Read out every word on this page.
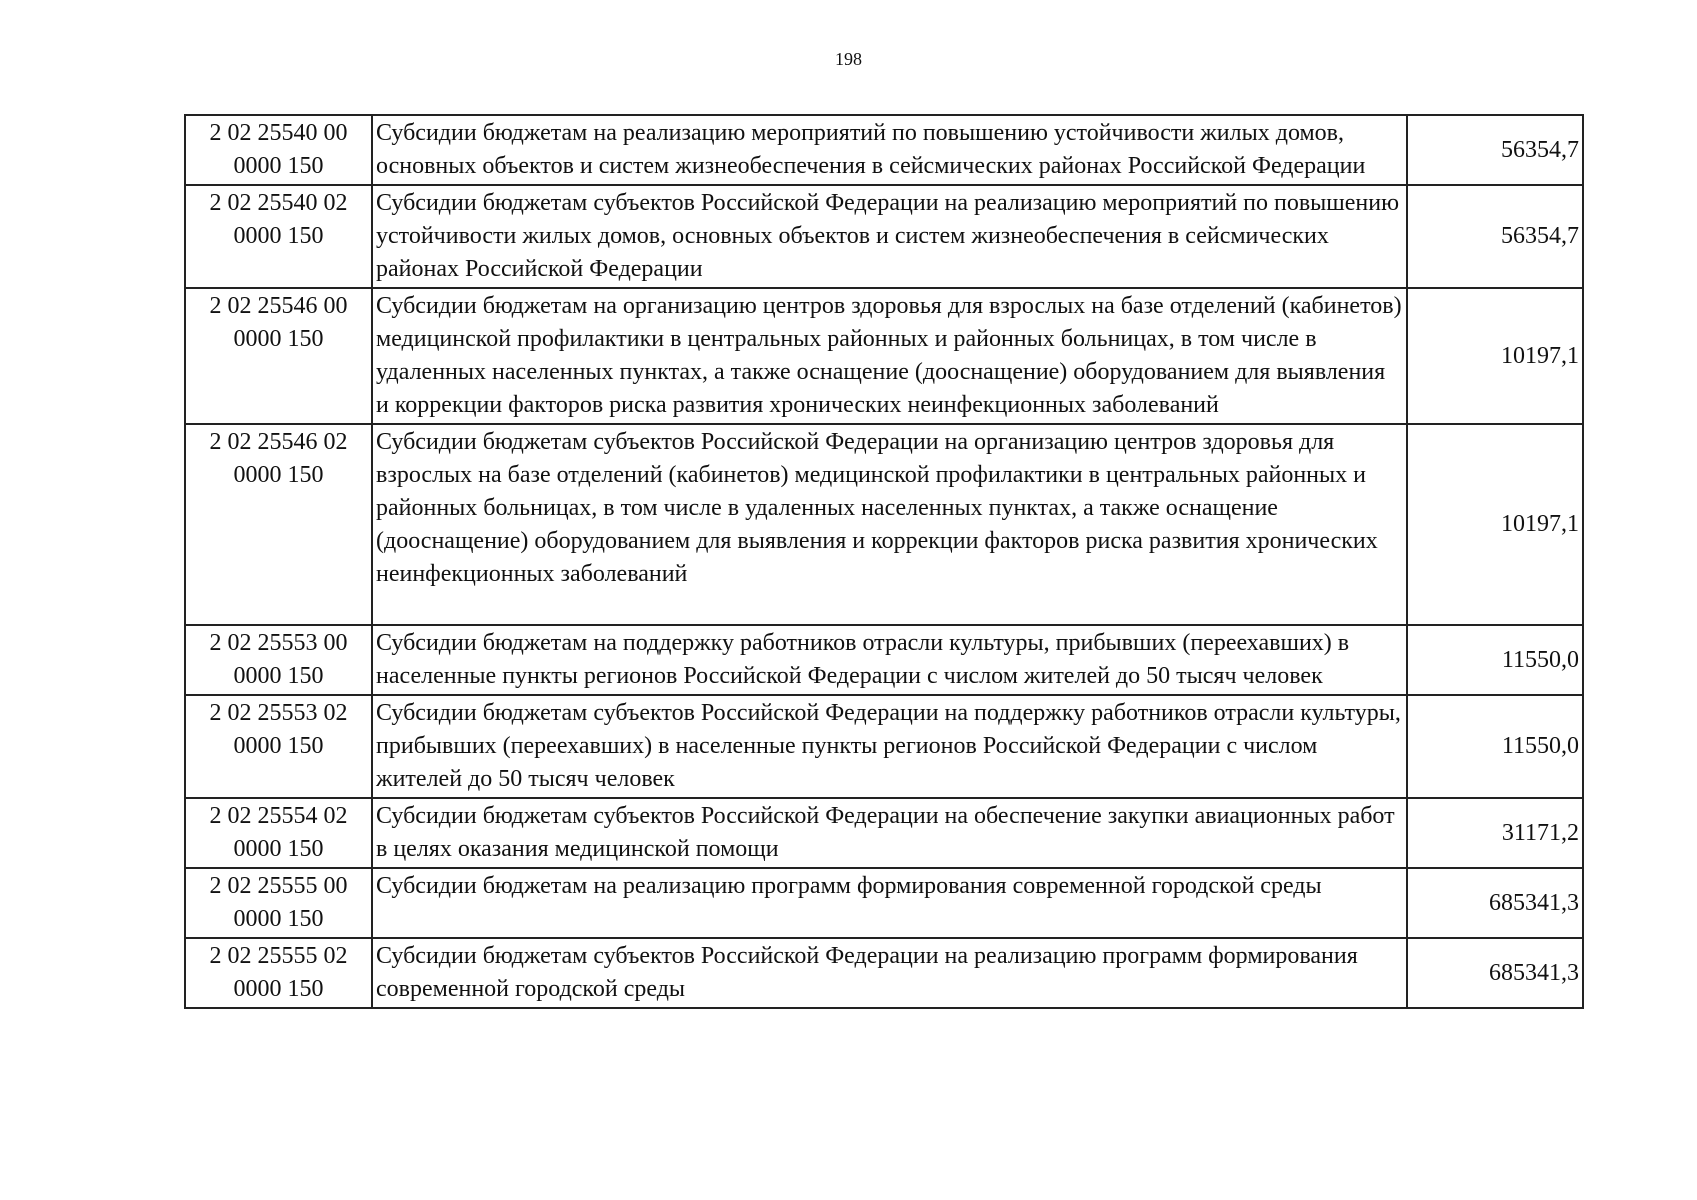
198
2 02 25540 00
0000 150	Субсидии бюджетам на реализацию мероприятий по повышению устойчивости жилых домов, основных объектов и систем жизнеобеспечения в сейсмических районах Российской Федерации	56354,7

2 02 25540 02
0000 150	Субсидии бюджетам субъектов Российской Федерации на реализацию мероприятий по повышению устойчивости жилых домов, основных объектов и систем жизнеобеспечения в сейсмических районах Российской Федерации	56354,7

2 02 25546 00
0000 150	Субсидии бюджетам на организацию центров здоровья для взрослых на базе отделений (кабинетов) медицинской профилактики в центральных районных и районных больницах, в том числе в удаленных населенных пунктах, а также оснащение (дооснащение) оборудованием для выявления и коррекции факторов риска развития хронических неинфекционных заболеваний	10197,1

2 02 25546 02
0000 150	Субсидии бюджетам субъектов Российской Федерации на организацию центров здоровья для взрослых на базе отделений (кабинетов) медицинской профилактики в центральных районных и районных больницах, в том числе в удаленных населенных пунктах, а также оснащение (дооснащение) оборудованием для выявления и коррекции факторов риска развития хронических неинфекционных заболеваний	10197,1

2 02 25553 00
0000 150	Субсидии бюджетам на поддержку работников отрасли культуры, прибывших (переехавших) в населенные пункты регионов Российской Федерации с числом жителей до 50 тысяч человек	11550,0

2 02 25553 02
0000 150	Субсидии бюджетам субъектов Российской Федерации на поддержку работников отрасли культуры, прибывших (переехавших) в населенные пункты регионов Российской Федерации с числом жителей до 50 тысяч человек	11550,0

2 02 25554 02
0000 150	Субсидии бюджетам субъектов Российской Федерации на обеспечение закупки авиационных работ в целях оказания медицинской помощи	31171,2

2 02 25555 00
0000 150	Субсидии бюджетам на реализацию программ формирования современной городской среды	685341,3

2 02 25555 02
0000 150	Субсидии бюджетам субъектов Российской Федерации на реализацию программ формирования современной городской среды	685341,3
